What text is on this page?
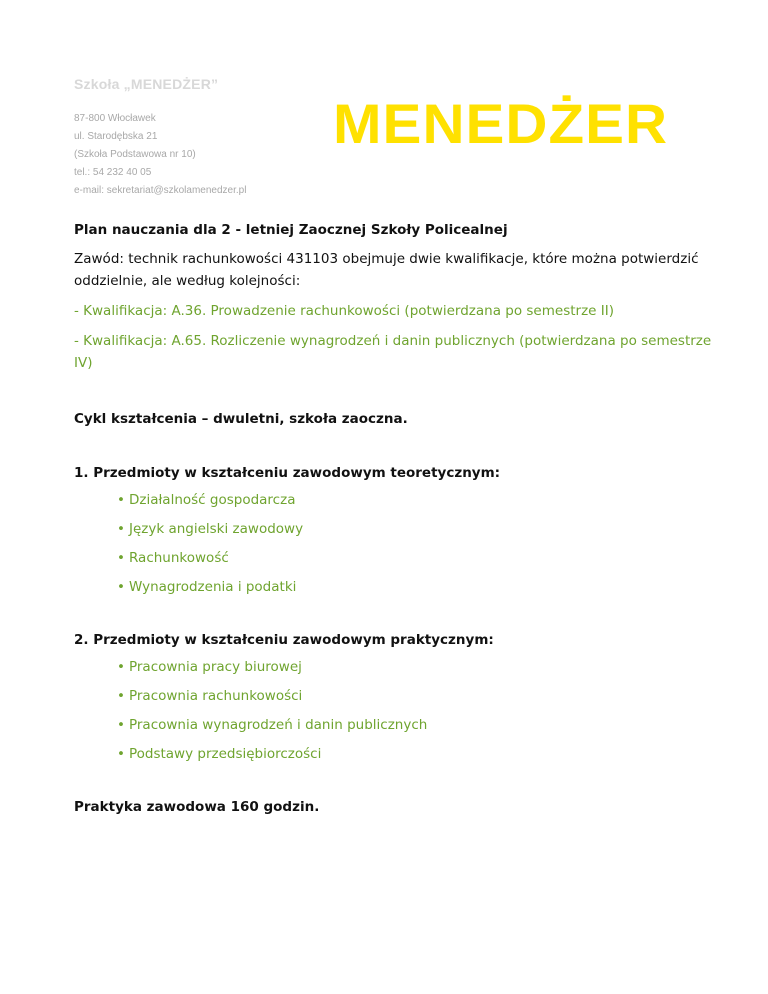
Szkoła „MENEDŻER”

87-800 Włocławek

ul. Starodębska 21

(Szkoła Podstawowa nr 10)

tel.: 54 232 40 05

e-mail: sekretariat@szkolamenedzer.pl

MENEDŻER

Plan nauczania dla 2 - letniej Zaocznej Szkoły Policealnej

Zawód: technik rachunkowości 431103 obejmuje dwie kwalifikacje, które można potwierdzić oddzielnie, ale według kolejności:

- Kwalifikacja: A.36. Prowadzenie rachunkowości (potwierdzana po semestrze II)

- Kwalifikacja: A.65. Rozliczenie wynagrodzeń i danin publicznych (potwierdzana po semestrze IV)

Cykl kształcenia – dwuletni, szkoła zaoczna.

1. Przedmioty w kształceniu zawodowym teoretycznym:

• Działalność gospodarcza

• Język angielski zawodowy

• Rachunkowość

• Wynagrodzenia i podatki

2. Przedmioty w kształceniu zawodowym praktycznym:

• Pracownia pracy biurowej

• Pracownia rachunkowości

• Pracownia wynagrodzeń i danin publicznych

• Podstawy przedsiębiorczości

Praktyka zawodowa 160 godzin.
